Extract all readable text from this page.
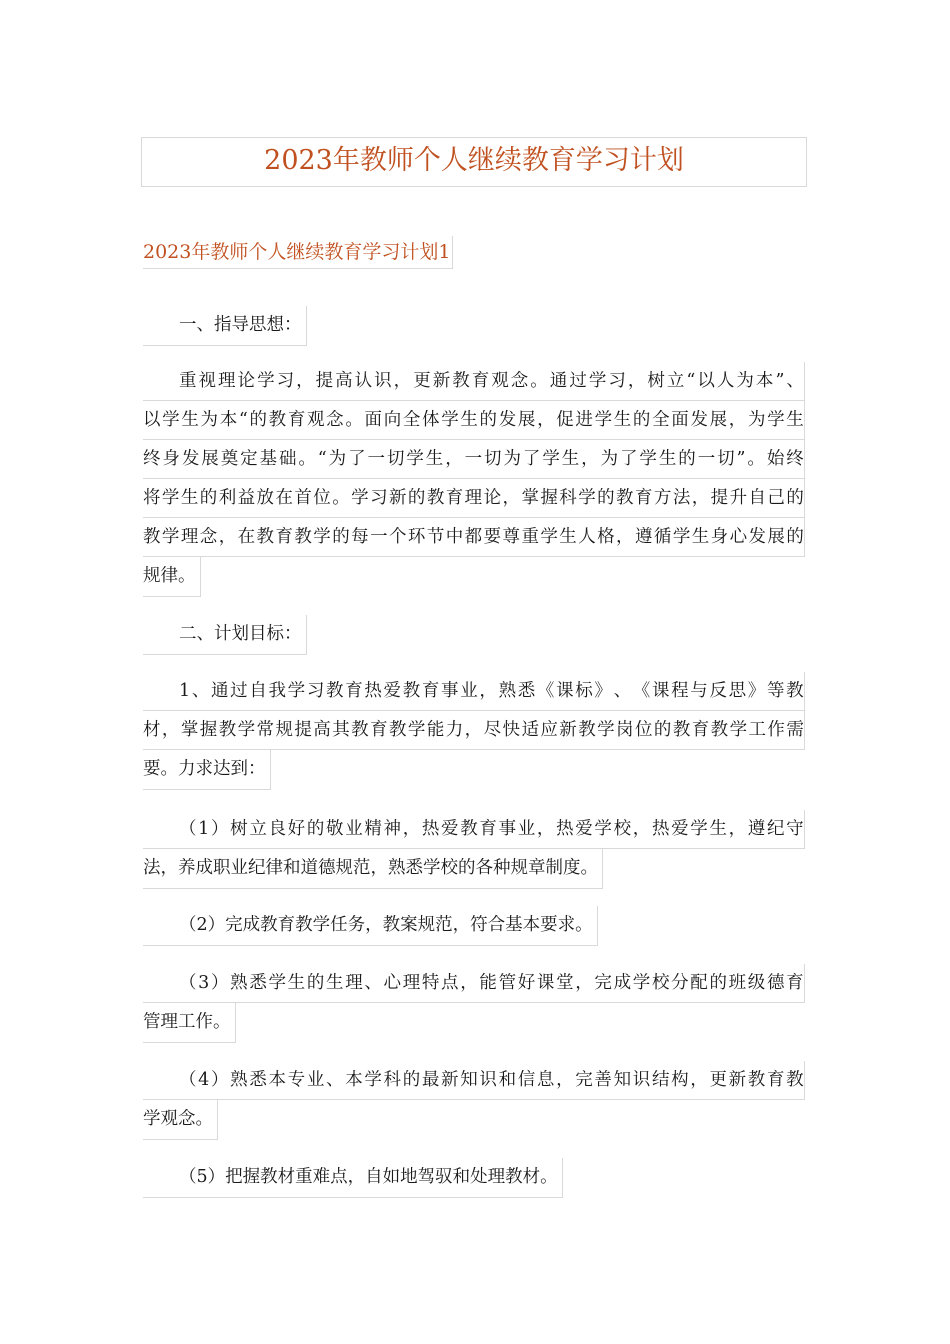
2023年教师个人继续教育学习计划
2023年教师个人继续教育学习计划1
一、指导思想：
重 视 理 论 学 习 ， 提 高 认 识 ， 更 新 教 育 观 念 。 通 过 学 习 ， 树 立 “ 以 人 为 本 ” 、
以 学 生 为 本 “ 的 教 育 观 念 。 面 向 全 体 学 生 的 发 展 ， 促 进 学 生 的 全 面 发 展 ， 为 学 生
终 身 发 展 奠 定 基 础 。 “ 为 了 一 切 学 生 ， 一 切 为 了 学 生 ， 为 了 学 生 的 一 切 ” 。 始 终
将 学 生 的 利 益 放 在 首 位 。 学 习 新 的 教 育 理 论 ， 掌 握 科 学 的 教 育 方 法 ， 提 升 自 己 的
教 学 理 念 ， 在 教 育 教 学 的 每 一 个 环 节 中 都 要 尊 重 学 生 人 格 ， 遵 循 学 生 身 心 发 展 的
规律。
二、计划目标：
1 、 通 过 自 我 学 习 教 育 热 爱 教 育 事 业 ， 熟 悉 《 课 标 》 、 《 课 程 与 反 思 》 等 教
材 ， 掌 握 教 学 常 规 提 高 其 教 育 教 学 能 力 ， 尽 快 适 应 新 教 学 岗 位 的 教 育 教 学 工 作 需
要。力求达到：
（ 1 ） 树 立 良 好 的 敬 业 精 神 ， 热 爱 教 育 事 业 ， 热 爱 学 校 ， 热 爱 学 生 ， 遵 纪 守
法，养成职业纪律和道德规范，熟悉学校的各种规章制度。
（2）完成教育教学任务，教案规范，符合基本要求。
（ 3 ） 熟 悉 学 生 的 生 理 、 心 理 特 点 ， 能 管 好 课 堂 ， 完 成 学 校 分 配 的 班 级 德 育
管理工作。
（ 4 ） 熟 悉 本 专 业 、 本 学 科 的 最 新 知 识 和 信 息 ， 完 善 知 识 结 构 ， 更 新 教 育 教
学观念。
（5）把握教材重难点，自如地驾驭和处理教材。
